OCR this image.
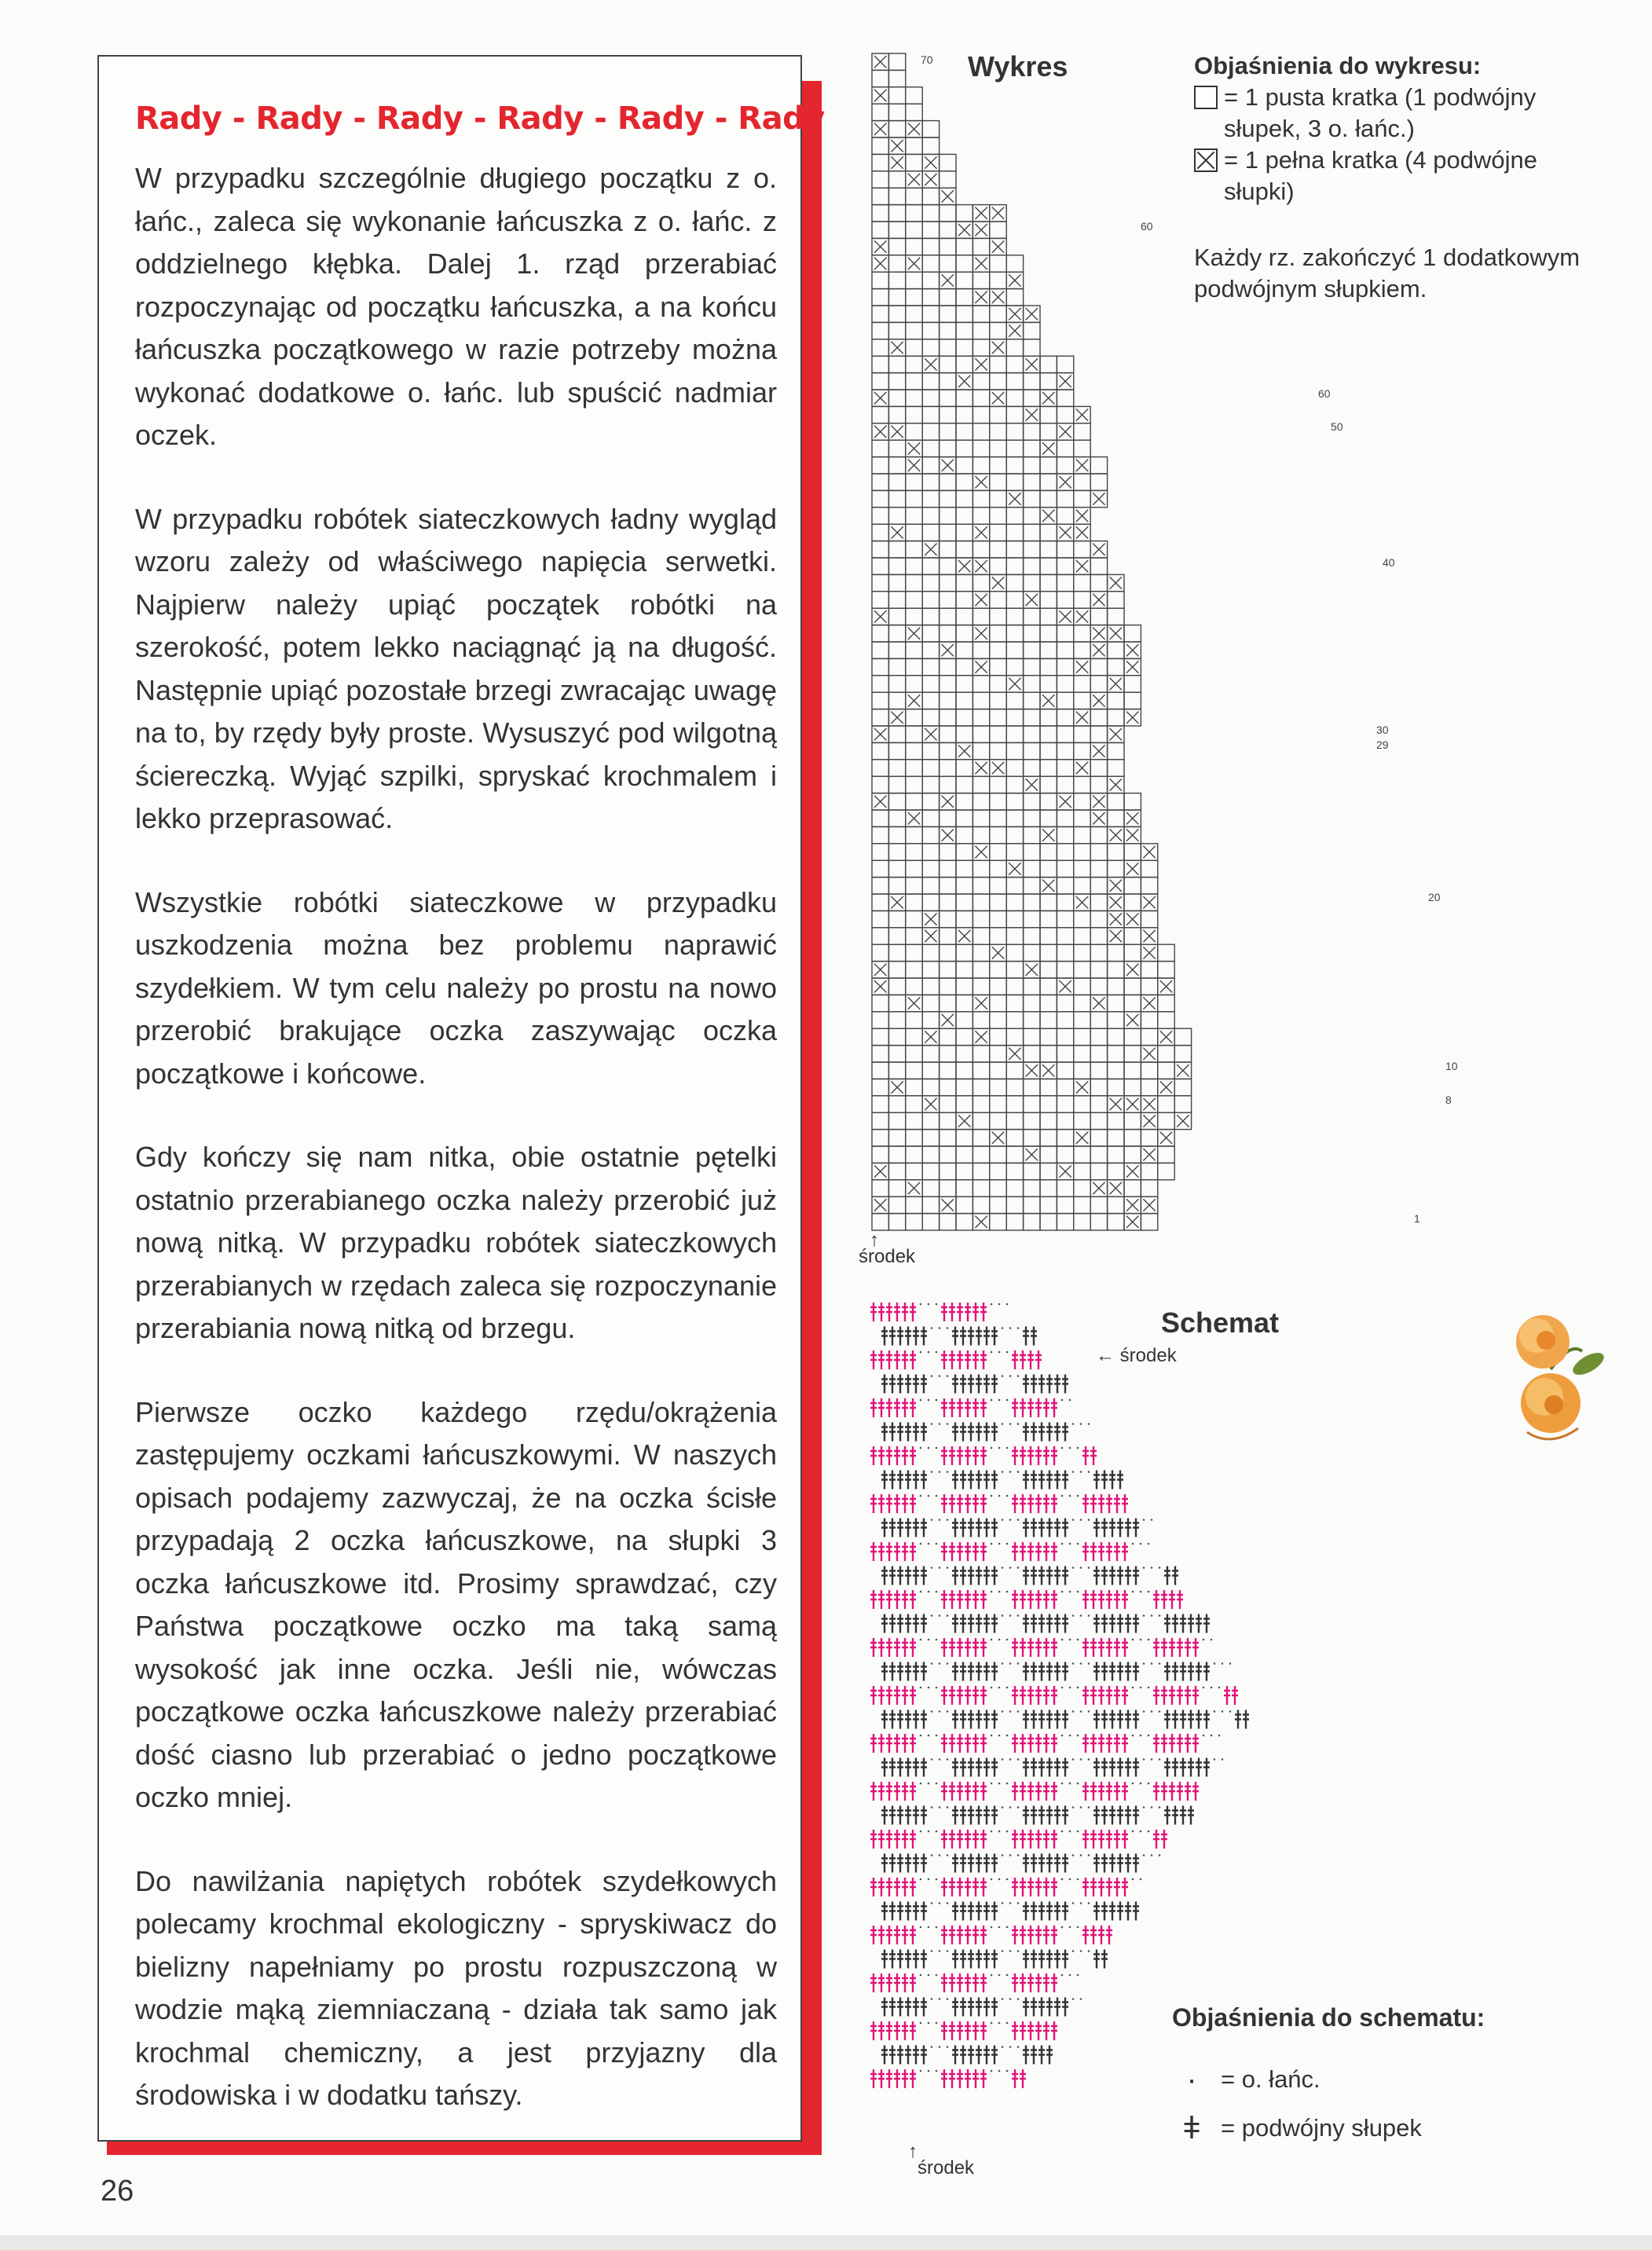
Rady - Rady - Rady - Rady - Rady - Rady

W przypadku szczególnie długiego początku z o. łańc., zaleca się wykonanie łańcuszka z o. łańc. z oddzielnego kłębka. Dalej 1. rząd przerabiać rozpoczynając od początku łańcuszka, a na końcu łańcuszka początkowego w razie potrzeby można wykonać dodatkowe o. łańc. lub spuścić nadmiar oczek.

W przypadku robótek siateczkowych ładny wygląd wzoru zależy od właściwego napięcia serwetki. Najpierw należy upiąć początek robótki na szerokość, potem lekko naciągnąć ją na długość. Następnie upiąć pozostałe brzegi zwracając uwagę na to, by rzędy były proste. Wysuszyć pod wilgotną ściereczką. Wyjąć szpilki, spryskać krochmalem i lekko przeprasować.

Wszystkie robótki siateczkowe w przypadku uszkodzenia można bez problemu naprawić szydełkiem. W tym celu należy po prostu na nowo przerobić brakujące oczka zaszywając oczka początkowe i końcowe.

Gdy kończy się nam nitka, obie ostatnie pętelki ostatnio przerabianego oczka należy przerobić już nową nitką. W przypadku robótek siateczkowych przerabianych w rzędach zaleca się rozpoczynanie przerabiania nową nitką od brzegu.

Pierwsze oczko każdego rzędu/okrążenia zastępujemy oczkami łańcuszkowymi. W naszych opisach podajemy zazwyczaj, że na oczka ścisłe przypadają 2 oczka łańcuszkowe, na słupki 3 oczka łańcuszkowe itd. Prosimy sprawdzać, czy Państwa początkowe oczko ma taką samą wysokość jak inne oczka. Jeśli nie, wówczas początkowe oczka łańcuszkowe należy przerabiać dość ciasno lub przerabiać o jedno początkowe oczko mniej.

Do nawilżania napiętych robótek szydełkowych polecamy krochmal ekologiczny - spryskiwacz do bielizny napełniamy po prostu rozpuszczoną w wodzie mąką ziemniaczaną - działa tak samo jak krochmal chemiczny, a jest przyjazny dla środowiska i w dodatku tańszy.

26
Wykres	Objaśnienia do wykresu:
= 1 pusta kratka (1 podwójny słupek, 3 o. łańc.)
= 1 pełna kratka (4 podwójne słupki)
Każdy rz. zakończyć 1 dodatkowym podwójnym słupkiem.
70
60
60
50
40
30
29
20
10
8
1
↑
środek
Schemat
← środek
↑
środek
Objaśnienia do schematu:
· = o. łańc.
ǂ = podwójny słupek
